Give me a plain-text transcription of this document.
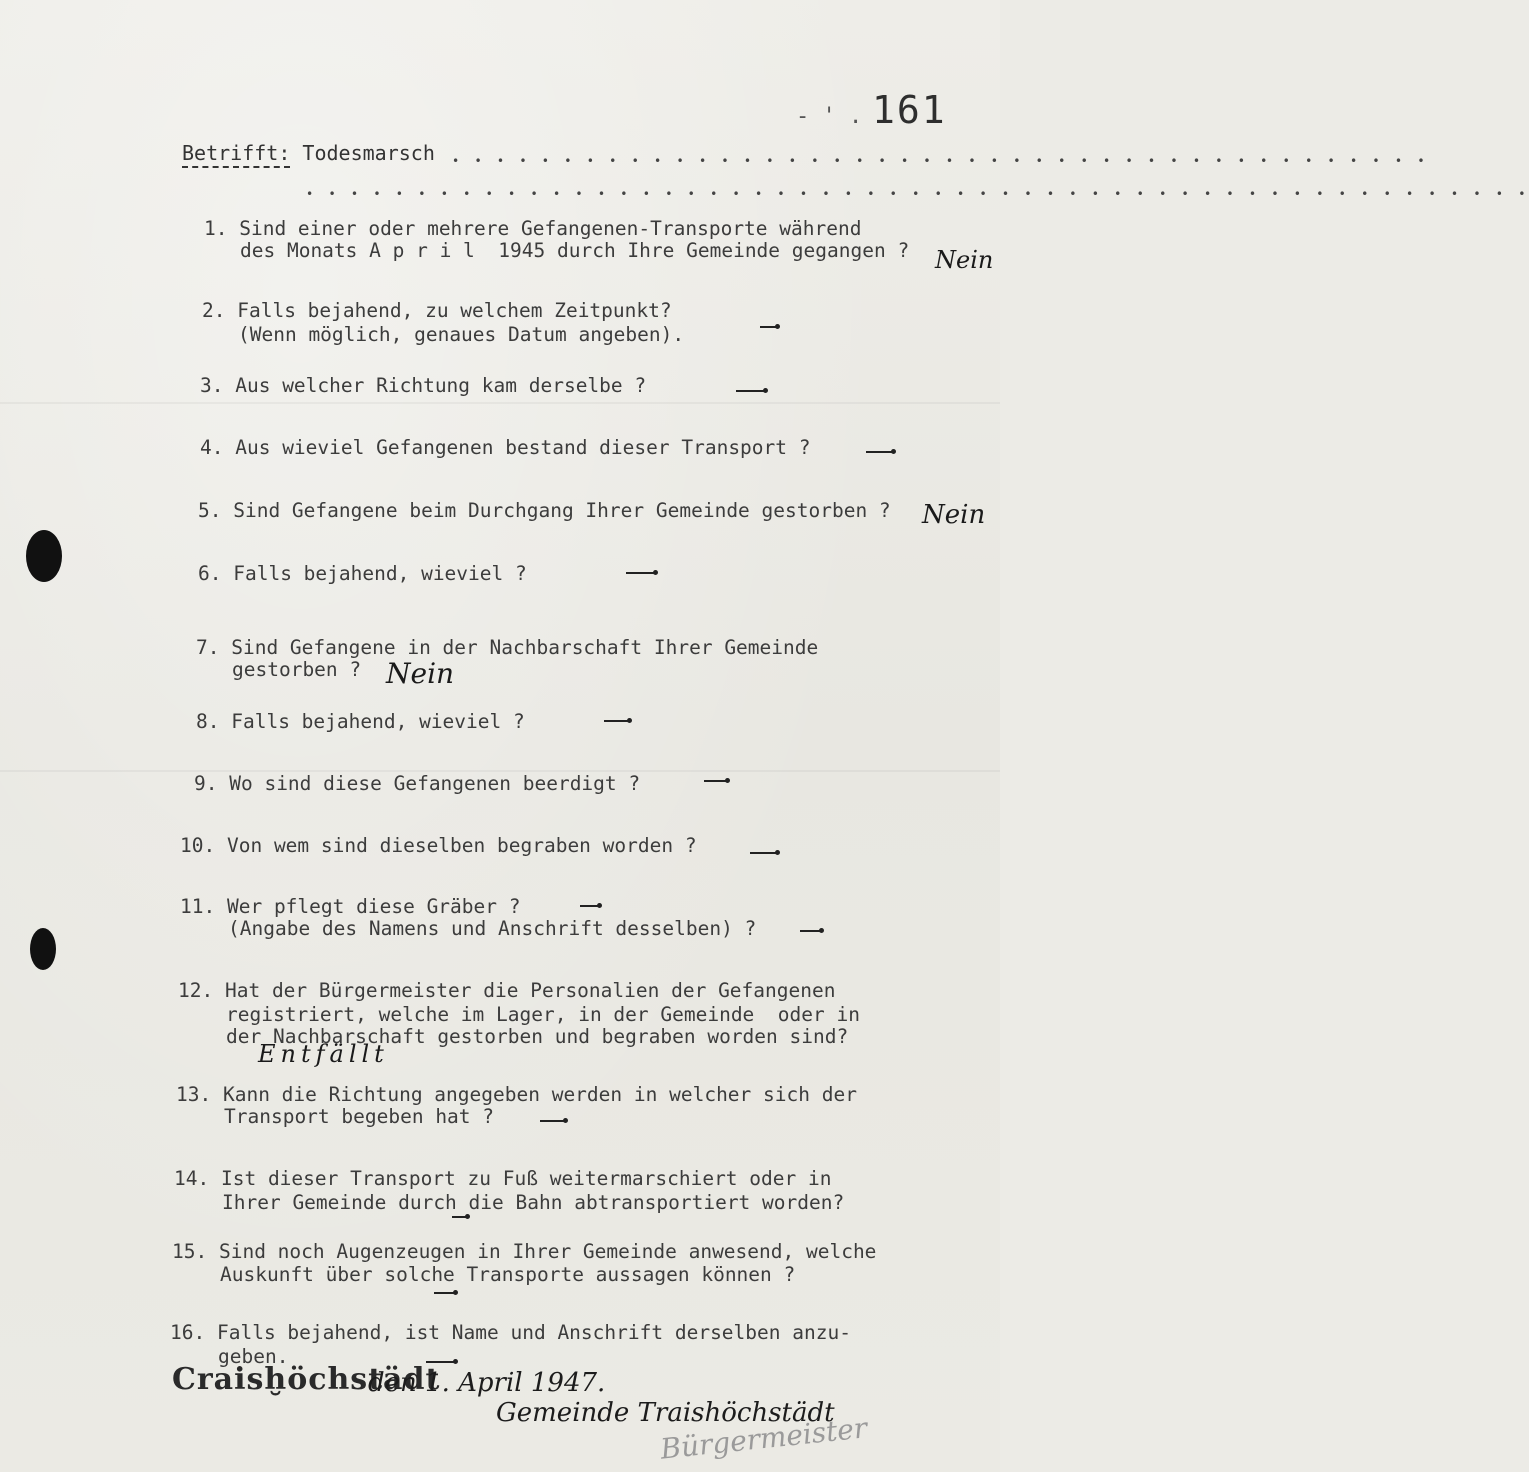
- ' . 161
Betrifft: Todesmarsch • • • • • • • • • • • • • • • • • • • • • • • • • • • • • • • • • • • • • • • • • • • •
• • • • • • • • • • • • • • • • • • • • • • • • • • • • • • • • • • • • • • • • • • • • • • • • • • • • • • •
1. Sind einer oder mehrere Gefangenen-Transporte während
des Monats A p r i l  1945 durch Ihre Gemeinde gegangen ? Nein
2. Falls bejahend, zu welchem Zeitpunkt?
(Wenn möglich, genaues Datum angeben).
3. Aus welcher Richtung kam derselbe ?
4. Aus wieviel Gefangenen bestand dieser Transport ?
5. Sind Gefangene beim Durchgang Ihrer Gemeinde gestorben ? Nein
6. Falls bejahend, wieviel ?
7. Sind Gefangene in der Nachbarschaft Ihrer Gemeinde
gestorben ? Nein
8. Falls bejahend, wieviel ?
9. Wo sind diese Gefangenen beerdigt ?
10. Von wem sind dieselben begraben worden ?
11. Wer pflegt diese Gräber ?
(Angabe des Namens und Anschrift desselben) ?
12. Hat der Bürgermeister die Personalien der Gefangenen
registriert, welche im Lager, in der Gemeinde  oder in
der Nachbarschaft gestorben und begraben worden sind?
Entfällt
13. Kann die Richtung angegeben werden in welcher sich der
Transport begeben hat ?
14. Ist dieser Transport zu Fuß weitermarschiert oder in
Ihrer Gemeinde durch die Bahn abtransportiert worden?
15. Sind noch Augenzeugen in Ihrer Gemeinde anwesend, welche
Auskunft über solche Transporte aussagen können ?
16. Falls bejahend, ist Name und Anschrift derselben anzu-
geben.
Craisḫöchstädt
den 1. April 1947.
Gemeinde Traishöchstädt
Bürgermeister
